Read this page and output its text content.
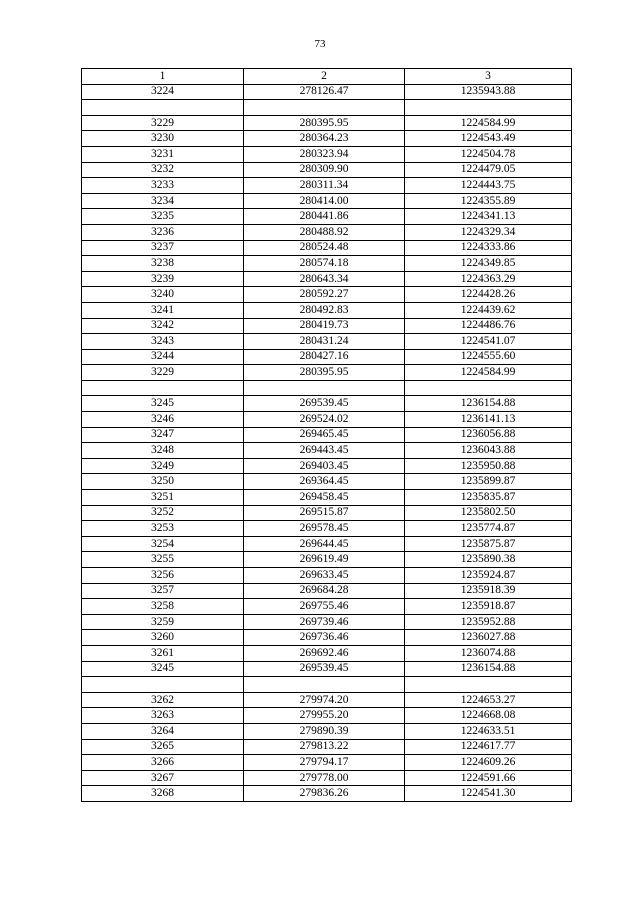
73
1	2	3
3224	278126.47	1235943.88

3229	280395.95	1224584.99
3230	280364.23	1224543.49
3231	280323.94	1224504.78
3232	280309.90	1224479.05
3233	280311.34	1224443.75
3234	280414.00	1224355.89
3235	280441.86	1224341.13
3236	280488.92	1224329.34
3237	280524.48	1224333.86
3238	280574.18	1224349.85
3239	280643.34	1224363.29
3240	280592.27	1224428.26
3241	280492.83	1224439.62
3242	280419.73	1224486.76
3243	280431.24	1224541.07
3244	280427.16	1224555.60
3229	280395.95	1224584.99

3245	269539.45	1236154.88
3246	269524.02	1236141.13
3247	269465.45	1236056.88
3248	269443.45	1236043.88
3249	269403.45	1235950.88
3250	269364.45	1235899.87
3251	269458.45	1235835.87
3252	269515.87	1235802.50
3253	269578.45	1235774.87
3254	269644.45	1235875.87
3255	269619.49	1235890.38
3256	269633.45	1235924.87
3257	269684.28	1235918.39
3258	269755.46	1235918.87
3259	269739.46	1235952.88
3260	269736.46	1236027.88
3261	269692.46	1236074.88
3245	269539.45	1236154.88

3262	279974.20	1224653.27
3263	279955.20	1224668.08
3264	279890.39	1224633.51
3265	279813.22	1224617.77
3266	279794.17	1224609.26
3267	279778.00	1224591.66
3268	279836.26	1224541.30
